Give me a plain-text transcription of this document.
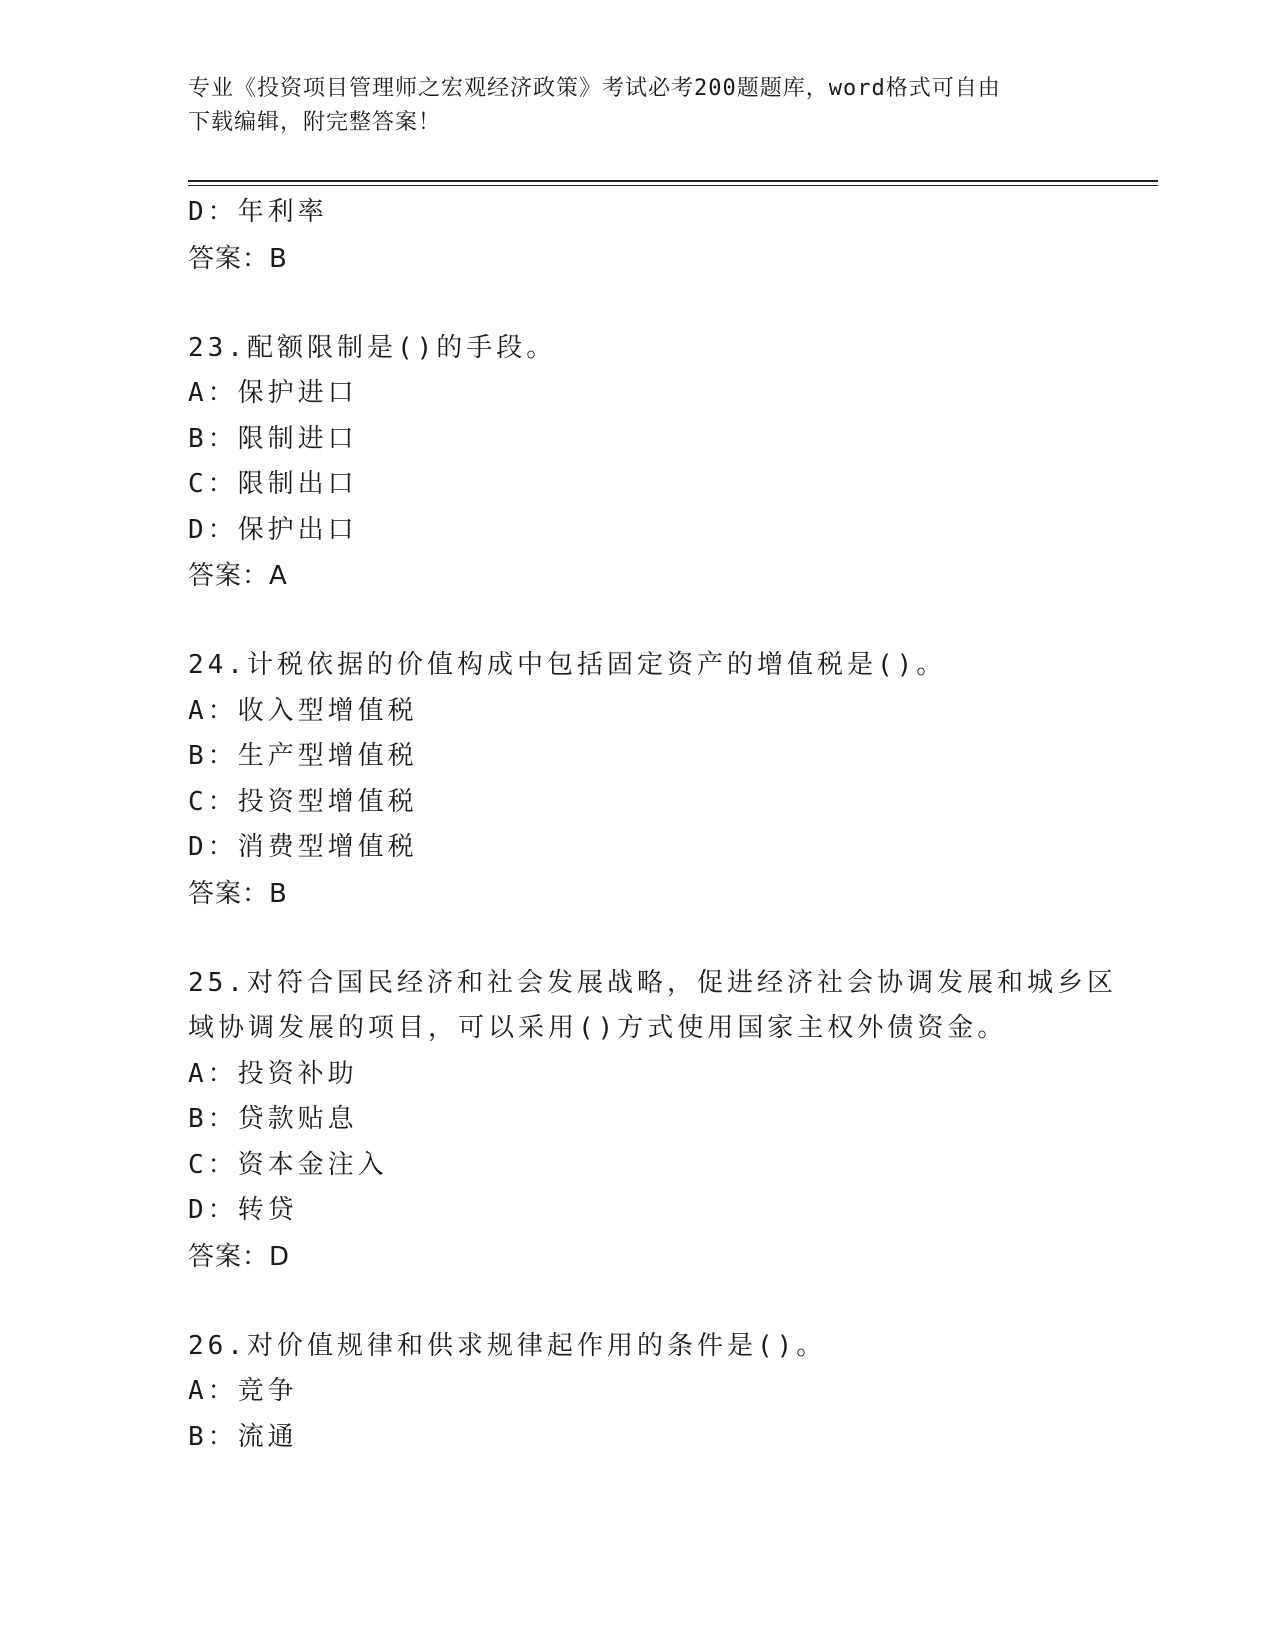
专业《投资项目管理师之宏观经济政策》考试必考200题题库，word格式可自由
下载编辑，附完整答案！
D：年利率
答案：B
23.配额限制是()的手段。
A：保护进口
B：限制进口
C：限制出口
D：保护出口
答案：A
24.计税依据的价值构成中包括固定资产的增值税是()。
A：收入型增值税
B：生产型增值税
C：投资型增值税
D：消费型增值税
答案：B
25.对符合国民经济和社会发展战略，促进经济社会协调发展和城乡区
域协调发展的项目，可以采用()方式使用国家主权外债资金。
A：投资补助
B：贷款贴息
C：资本金注入
D：转贷
答案：D
26.对价值规律和供求规律起作用的条件是()。
A：竞争
B：流通
